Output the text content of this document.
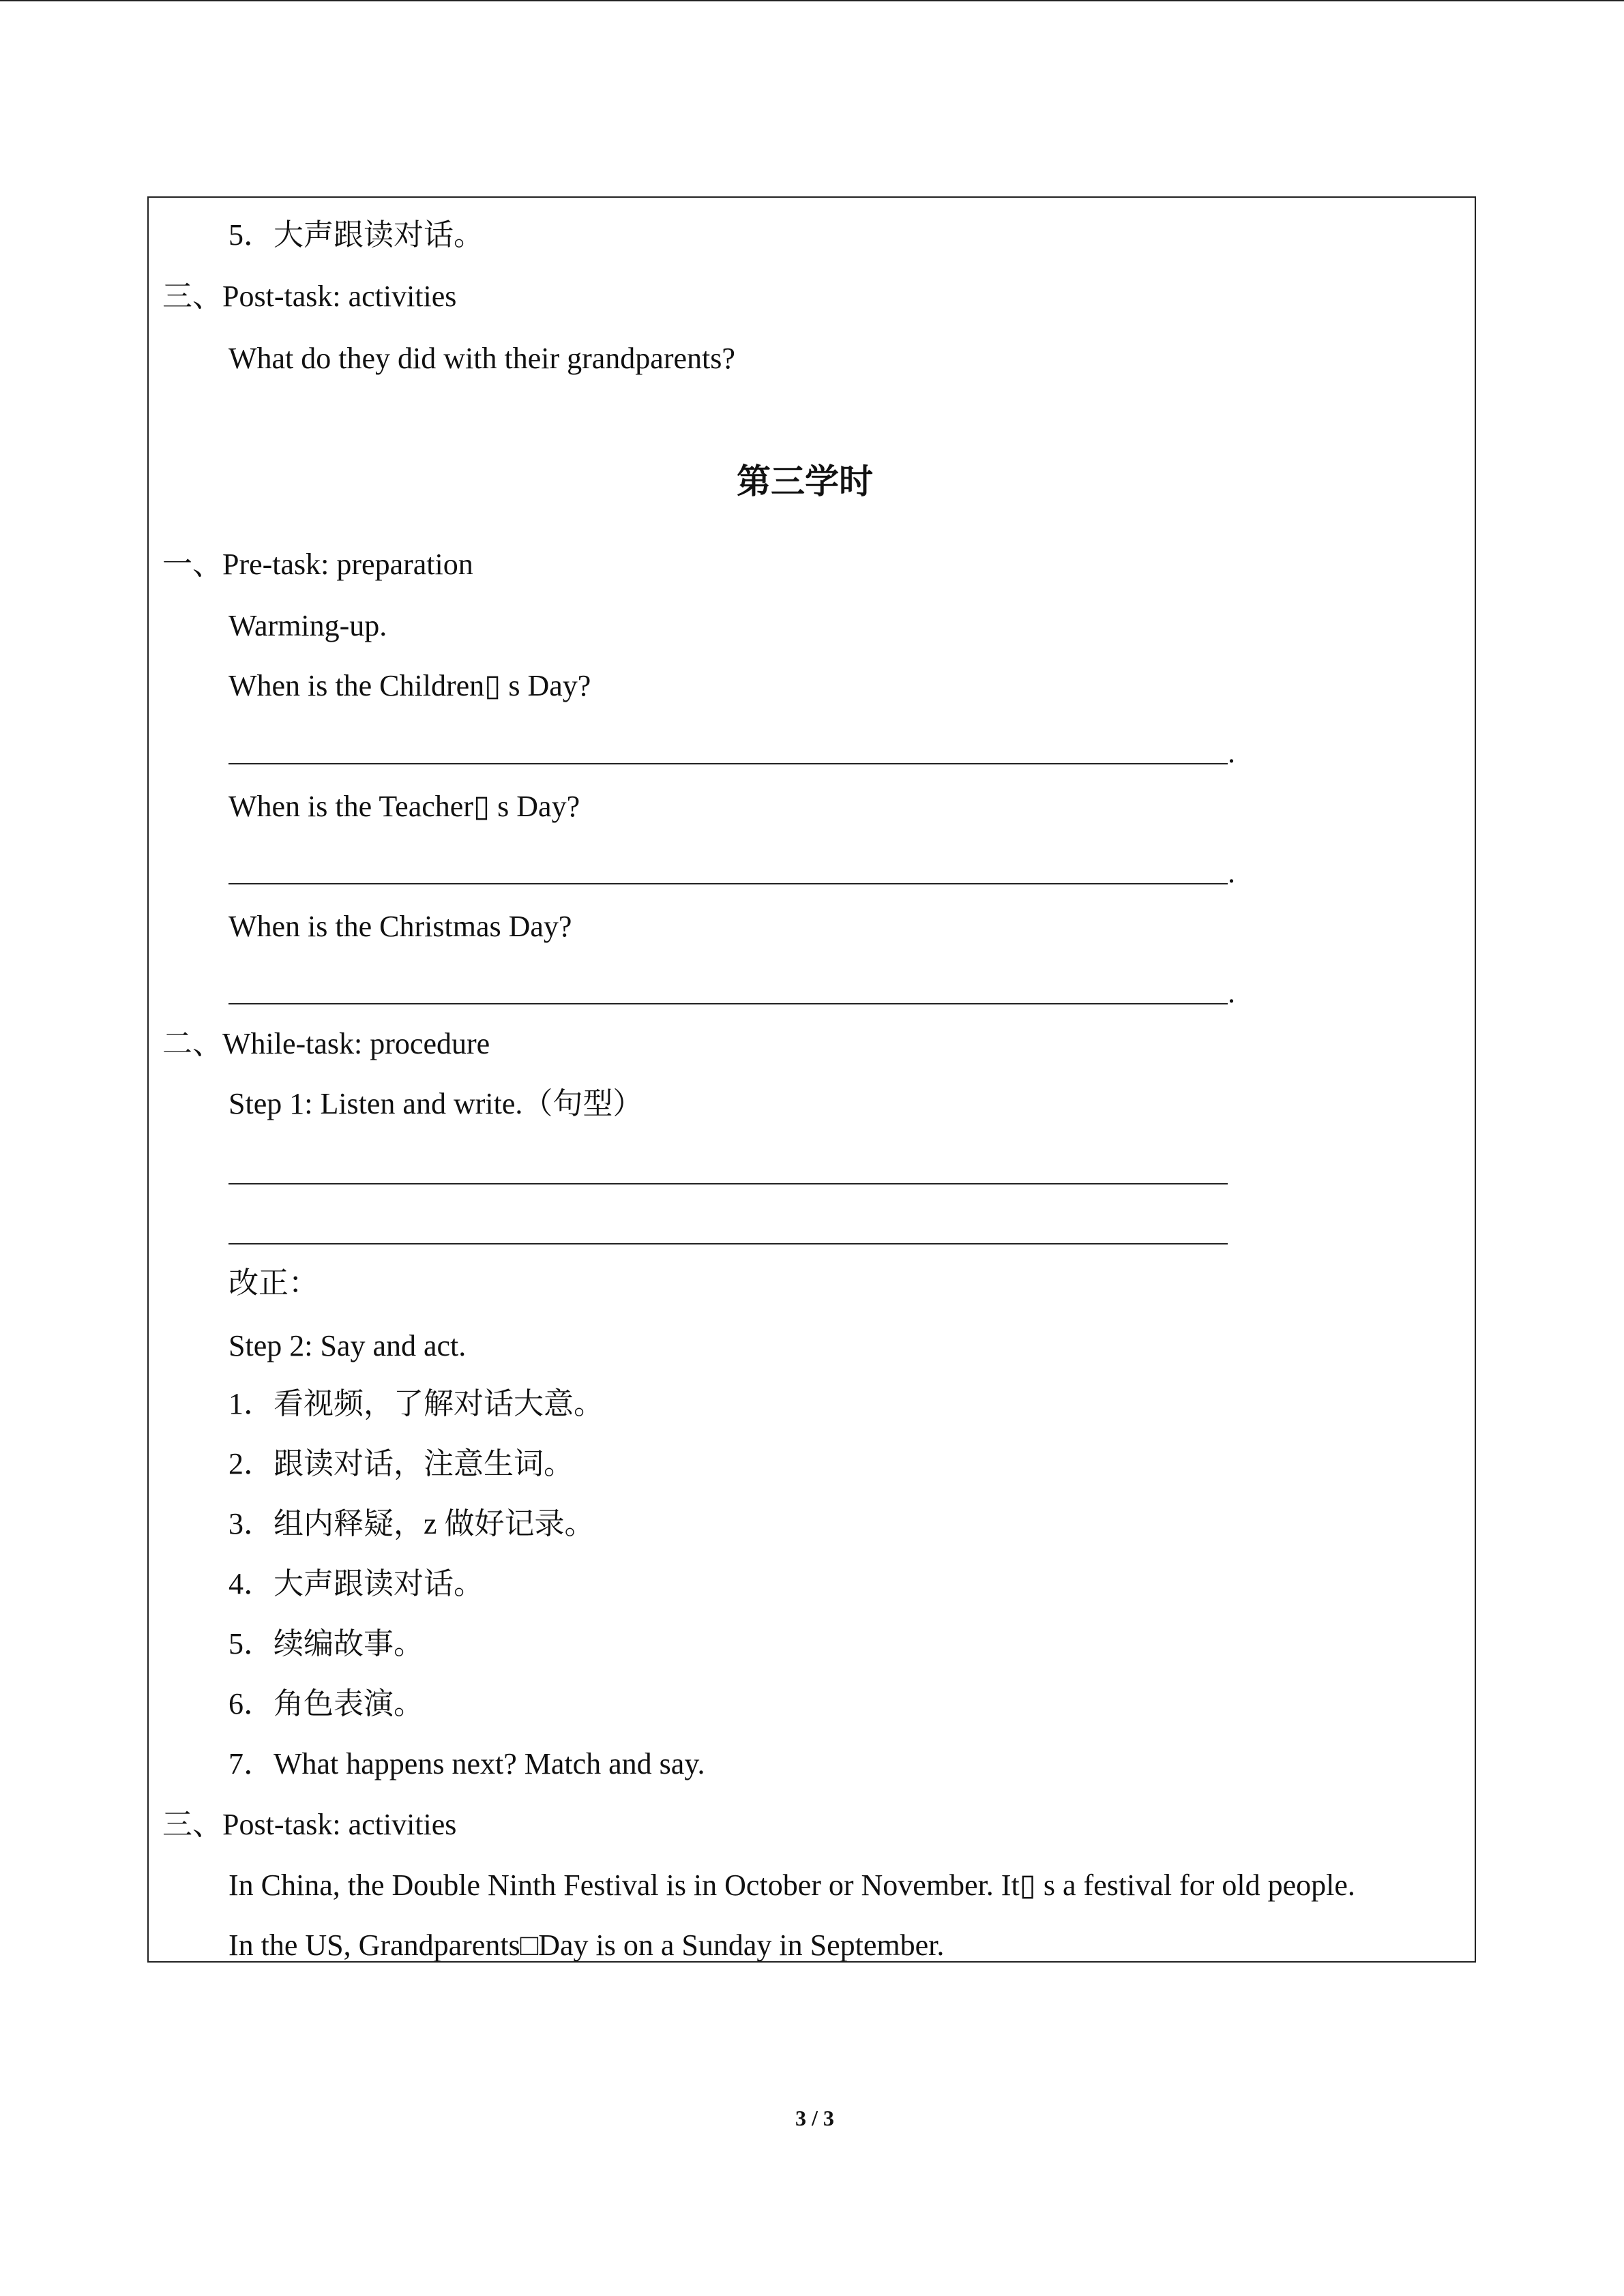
5．大声跟读对话。
三、Post-task: activities
What do they did with their grandparents?
第三学时
一、Pre-task: preparation
Warming-up.
When is the Children▯ s Day?
.
When is the Teacher▯ s Day?
.
When is the Christmas Day?
.
二、While-task: procedure
Step 1: Listen and write.（句型）
改正：
Step 2: Say and act.
1．看视频，了解对话大意。
2．跟读对话，注意生词。
3．组内释疑，z 做好记录。
4．大声跟读对话。
5．续编故事。
6．角色表演。
7．What happens next? Match and say.
三、Post-task: activities
In China, the Double Ninth Festival is in October or November. It▯ s a festival for old people.
In the US, Grandparents□Day is on a Sunday in September.
3 / 3
